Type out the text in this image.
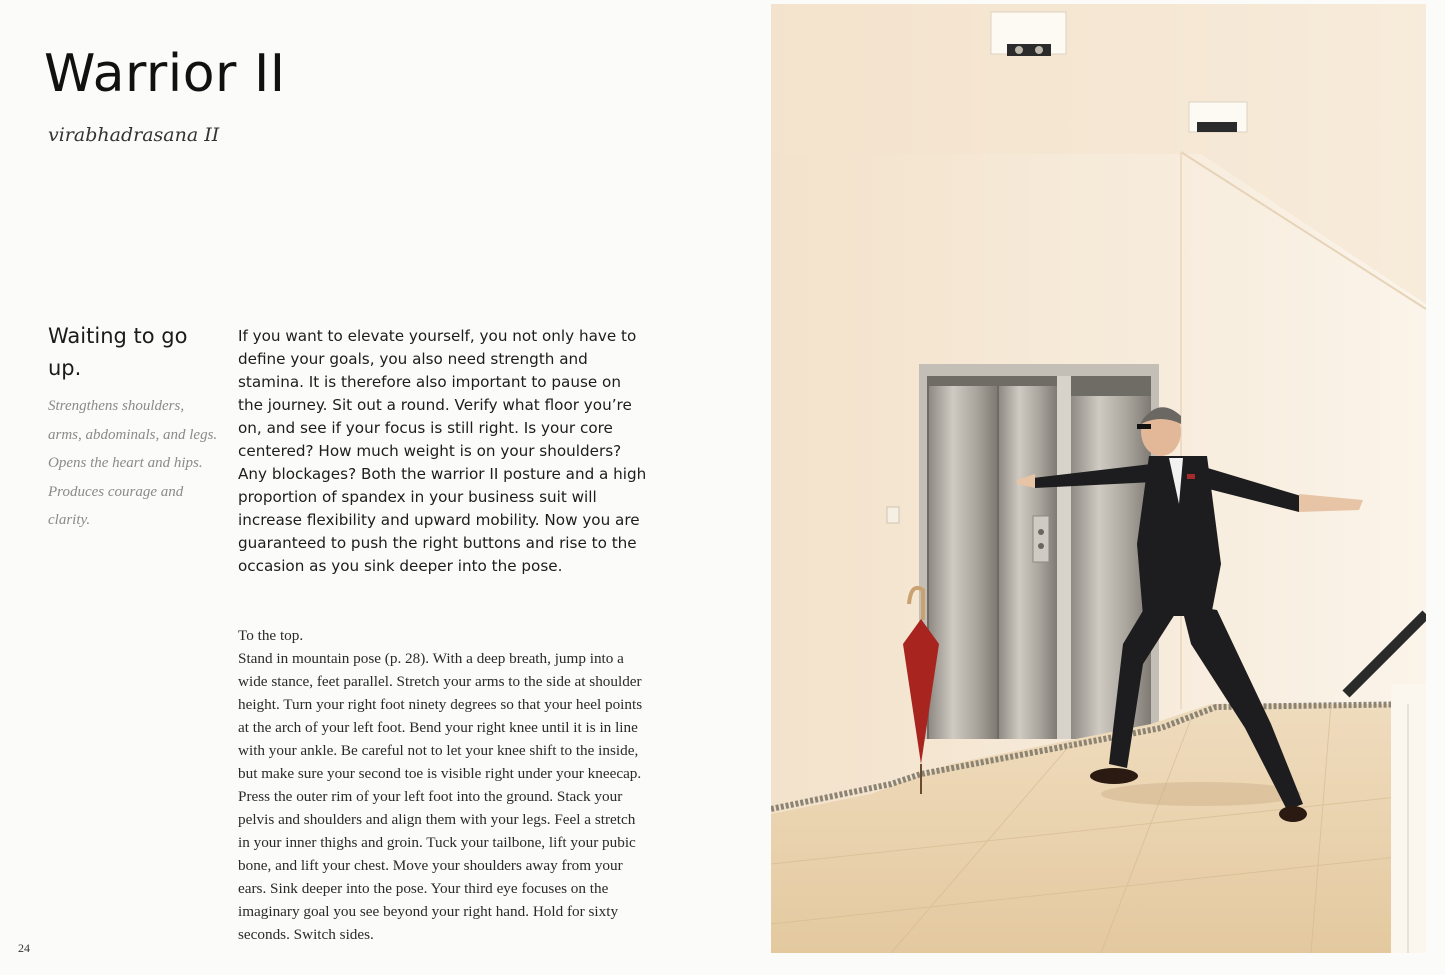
Warrior II

virabhadrasana II

Waiting to go up.

Strengthens shoulders, arms, abdominals, and legs. Opens the heart and hips. Produces courage and clarity.

If you want to elevate yourself, you not only have to define your goals, you also need strength and stamina. It is therefore also important to pause on the journey. Sit out a round. Verify what floor you’re on, and see if your focus is still right. Is your core centered? How much weight is on your shoulders? Any blockages? Both the warrior II posture and a high proportion of spandex in your business suit will increase flexibility and upward mobility. Now you are guaranteed to push the right buttons and rise to the occasion as you sink deeper into the pose.

To the top.

Stand in mountain pose (p. 28). With a deep breath, jump into a wide stance, feet parallel. Stretch your arms to the side at shoulder height. Turn your right foot ninety degrees so that your heel points at the arch of your left foot. Bend your right knee until it is in line with your ankle. Be careful not to let your knee shift to the inside, but make sure your second toe is visible right under your kneecap. Press the outer rim of your left foot into the ground. Stack your pelvis and shoulders and align them with your legs. Feel a stretch in your inner thighs and groin. Tuck your tailbone, lift your pubic bone, and lift your chest. Move your shoulders away from your ears. Sink deeper into the pose. Your third eye focuses on the imaginary goal you see beyond your right hand. Hold for sixty seconds. Switch sides.

24
